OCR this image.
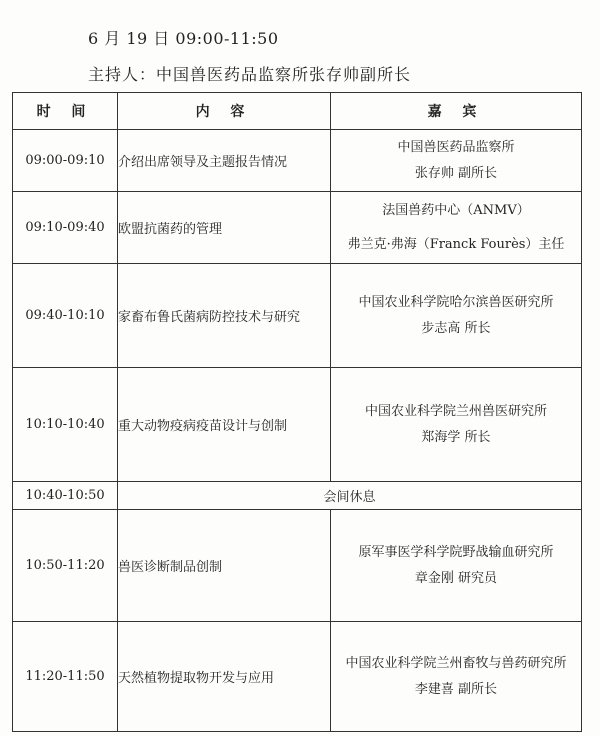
6 月 19 日 09:00-11:50
主持人：中国兽医药品监察所张存帅副所长
时 间	内 容	嘉 宾
09:00-09:10	介绍出席领导及主题报告情况	中国兽医药品监察所
张存帅 副所长

09:10-09:40	欧盟抗菌药的管理	法国兽药中心（ANMV）
弗兰克·弗海（Franck Fourès）主任

09:40-10:10	家畜布鲁氏菌病防控技术与研究	中国农业科学院哈尔滨兽医研究所
步志高 所长

10:10-10:40	重大动物疫病疫苗设计与创制	中国农业科学院兰州兽医研究所
郑海学 所长

10:40-10:50	会间休息	
10:50-11:20	兽医诊断制品创制	原军事医学科学院野战输血研究所
章金刚 研究员

11:20-11:50	天然植物提取物开发与应用	中国农业科学院兰州畜牧与兽药研究所
李建喜 副所长
